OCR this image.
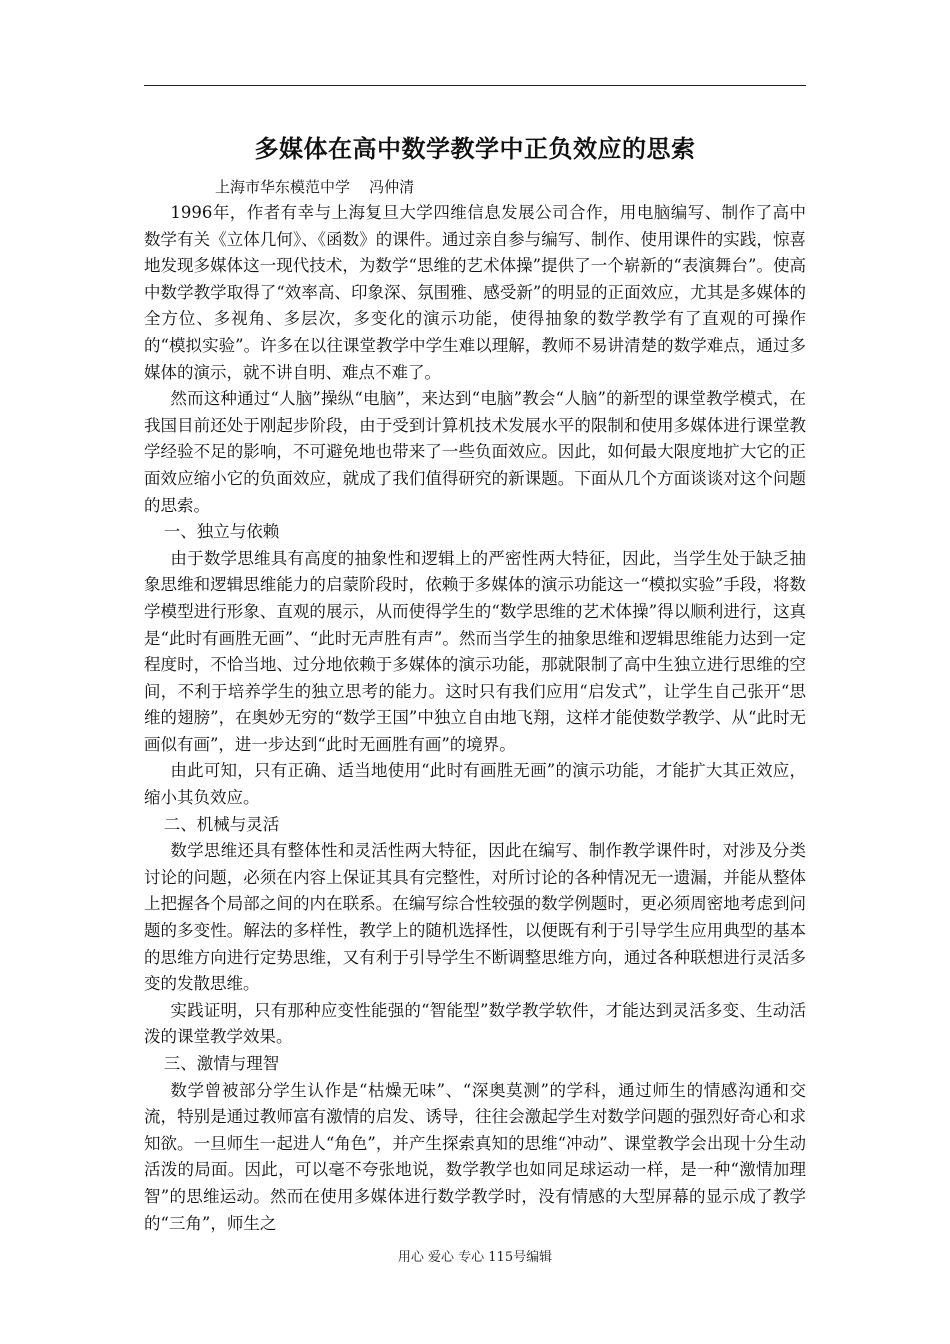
多媒体在高中数学教学中正负效应的思索
上海市华东模范中学    冯仲清

1996年，作者有幸与上海复旦大学四维信息发展公司合作，用电脑编写、制作了高中数学有关《立体几何》、《函数》的课件。通过亲自参与编写、制作、使用课件的实践，惊喜地发现多媒体这一现代技术，为数学“思维的艺术体操”提供了一个崭新的“表演舞台”。使高中数学教学取得了“效率高、印象深、氛围雅、感受新”的明显的正面效应，尤其是多媒体的全方位、多视角、多层次，多变化的演示功能，使得抽象的数学教学有了直观的可操作的“模拟实验”。许多在以往课堂教学中学生难以理解，教师不易讲清楚的数学难点，通过多媒体的演示，就不讲自明、难点不难了。

然而这种通过“人脑”操纵“电脑”，来达到“电脑”教会“人脑”的新型的课堂教学模式，在我国目前还处于刚起步阶段，由于受到计算机技术发展水平的限制和使用多媒体进行课堂教学经验不足的影响，不可避免地也带来了一些负面效应。因此，如何最大限度地扩大它的正面效应缩小它的负面效应，就成了我们值得研究的新课题。下面从几个方面谈谈对这个问题的思索。

一、独立与依赖

由于数学思维具有高度的抽象性和逻辑上的严密性两大特征，因此，当学生处于缺乏抽象思维和逻辑思维能力的启蒙阶段时，依赖于多媒体的演示功能这一“模拟实验”手段，将数学模型进行形象、直观的展示，从而使得学生的“数学思维的艺术体操”得以顺利进行，这真是“此时有画胜无画”、“此时无声胜有声”。然而当学生的抽象思维和逻辑思维能力达到一定程度时，不恰当地、过分地依赖于多媒体的演示功能，那就限制了高中生独立进行思维的空间，不利于培养学生的独立思考的能力。这时只有我们应用“启发式”，让学生自己张开“思维的翅膀”，在奥妙无穷的“数学王国”中独立自由地飞翔，这样才能使数学教学、从“此时无画似有画”，进一步达到“此时无画胜有画”的境界。

由此可知，只有正确、适当地使用“此时有画胜无画”的演示功能，才能扩大其正效应，缩小其负效应。

二、机械与灵活

数学思维还具有整体性和灵活性两大特征，因此在编写、制作教学课件时，对涉及分类讨论的问题，必须在内容上保证其具有完整性，对所讨论的各种情况无一遗漏，并能从整体上把握各个局部之间的内在联系。在编写综合性较强的数学例题时，更必须周密地考虑到问题的多变性。解法的多样性，教学上的随机选择性，以便既有利于引导学生应用典型的基本的思维方向进行定势思维，又有利于引导学生不断调整思维方向，通过各种联想进行灵活多变的发散思维。

实践证明，只有那种应变性能强的“智能型”数学教学软件，才能达到灵活多变、生动活泼的课堂教学效果。

三、激情与理智

数学曾被部分学生认作是“枯燥无味”、“深奥莫测”的学科，通过师生的情感沟通和交流，特别是通过教师富有激情的启发、诱导，往往会激起学生对数学问题的强烈好奇心和求知欲。一旦师生一起进人“角色”，并产生探索真知的思维“冲动”、课堂教学会出现十分生动活泼的局面。因此，可以毫不夸张地说，数学教学也如同足球运动一样，是一种“激情加理智”的思维运动。然而在使用多媒体进行数学教学时，没有情感的大型屏幕的显示成了教学的“三角”，师生之

用心 爱心 专心 115号编辑
